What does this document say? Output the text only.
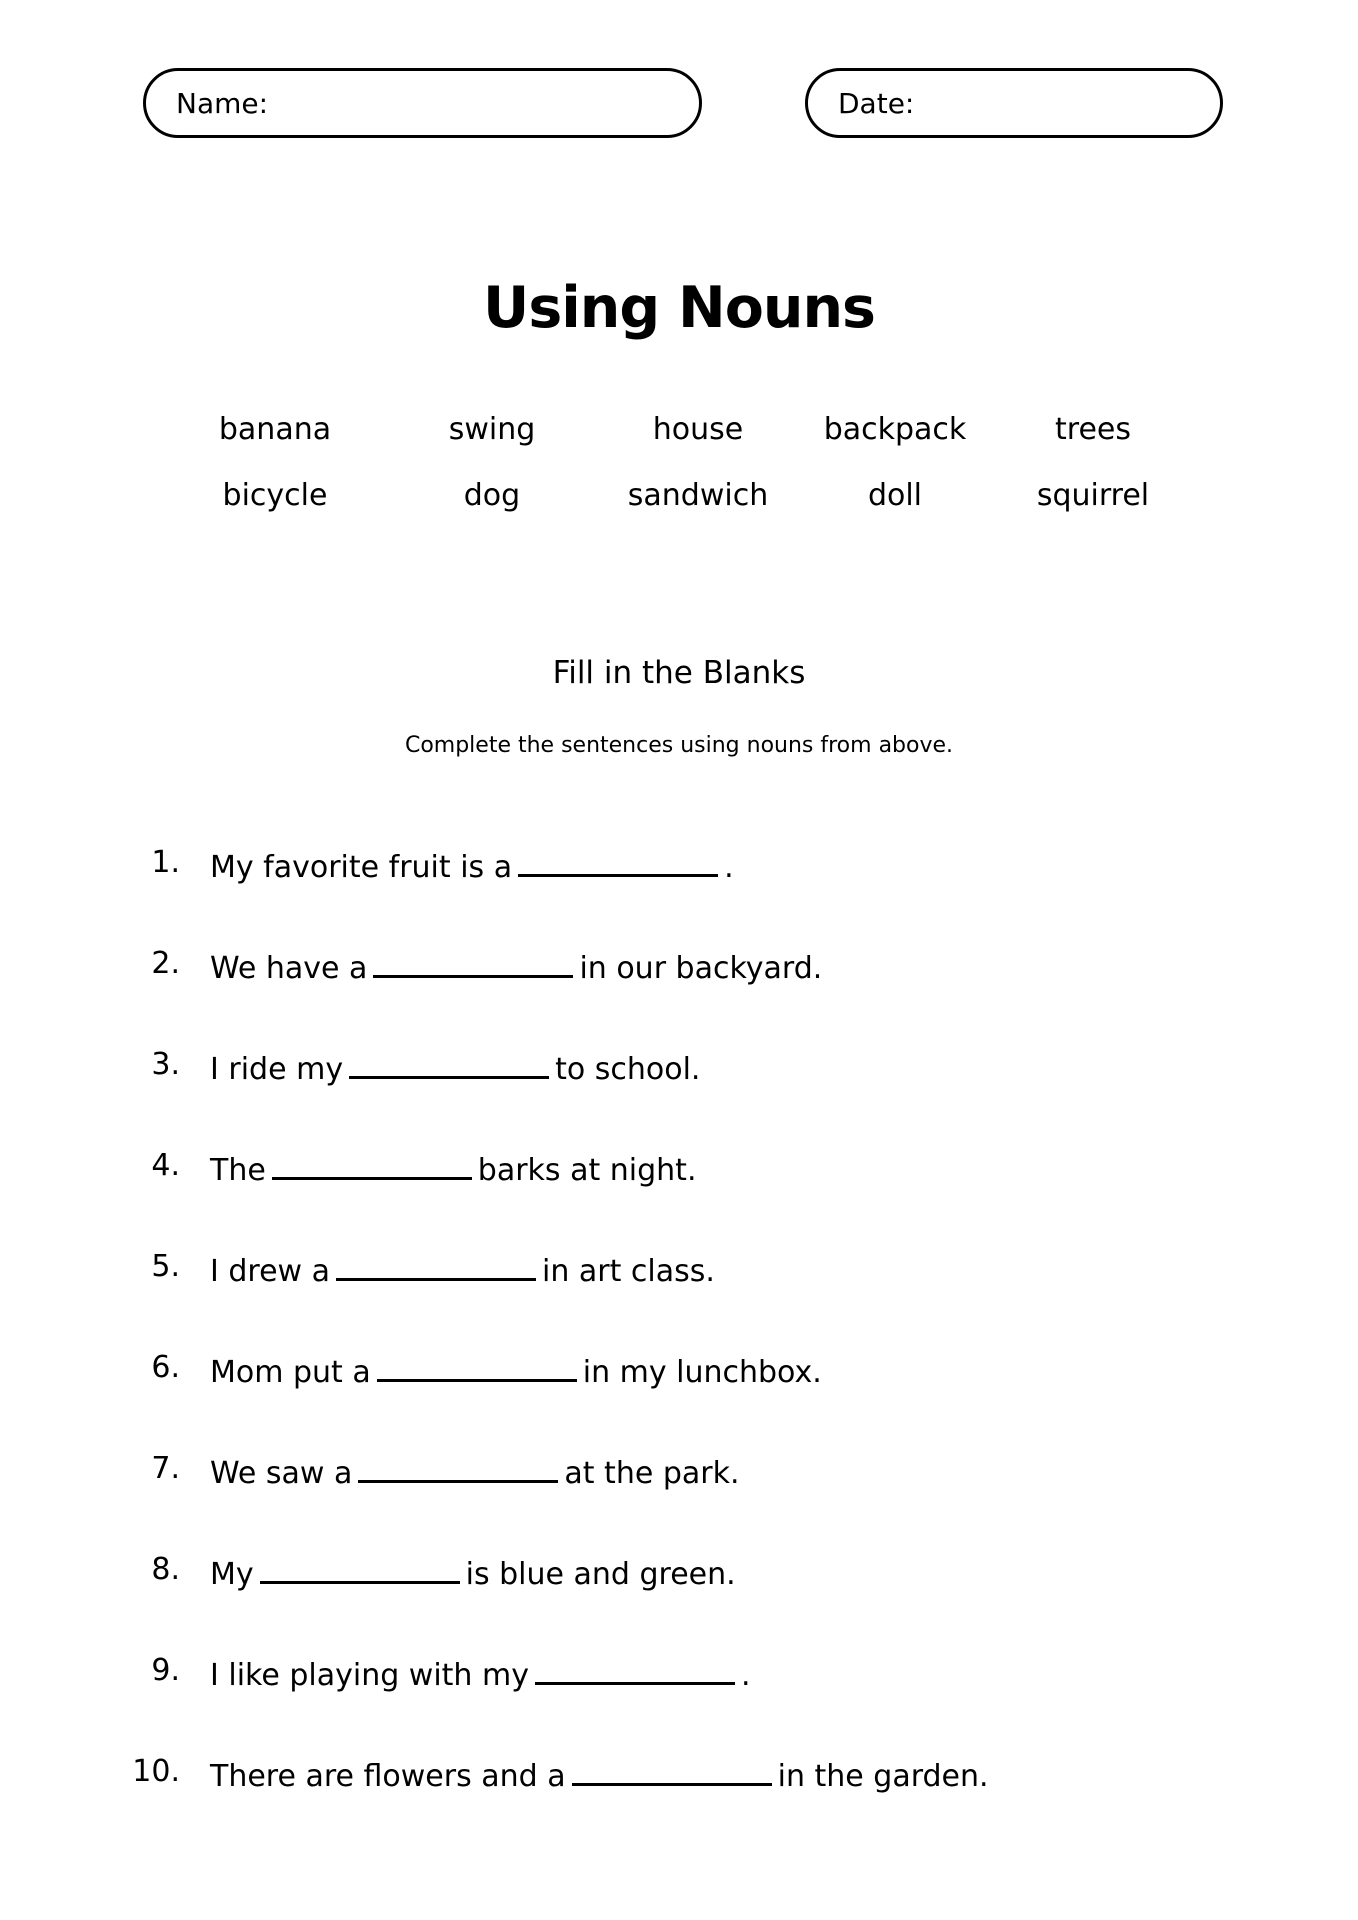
Name:	Date:
Using Nouns
banana	swing	house	backpack	trees
bicycle	dog	sandwich	doll	squirrel
Fill in the Blanks
Complete the sentences using nouns from above.
1. My favorite fruit is a	.
2. We have a	in our backyard.
3. I ride my	to school.
4. The	barks at night.
5. I drew a	in art class.
6. Mom put a	in my lunchbox.
7. We saw a	at the park.
8. My	is blue and green.
9. I like playing with my	.
10. There are flowers and a	in the garden.
